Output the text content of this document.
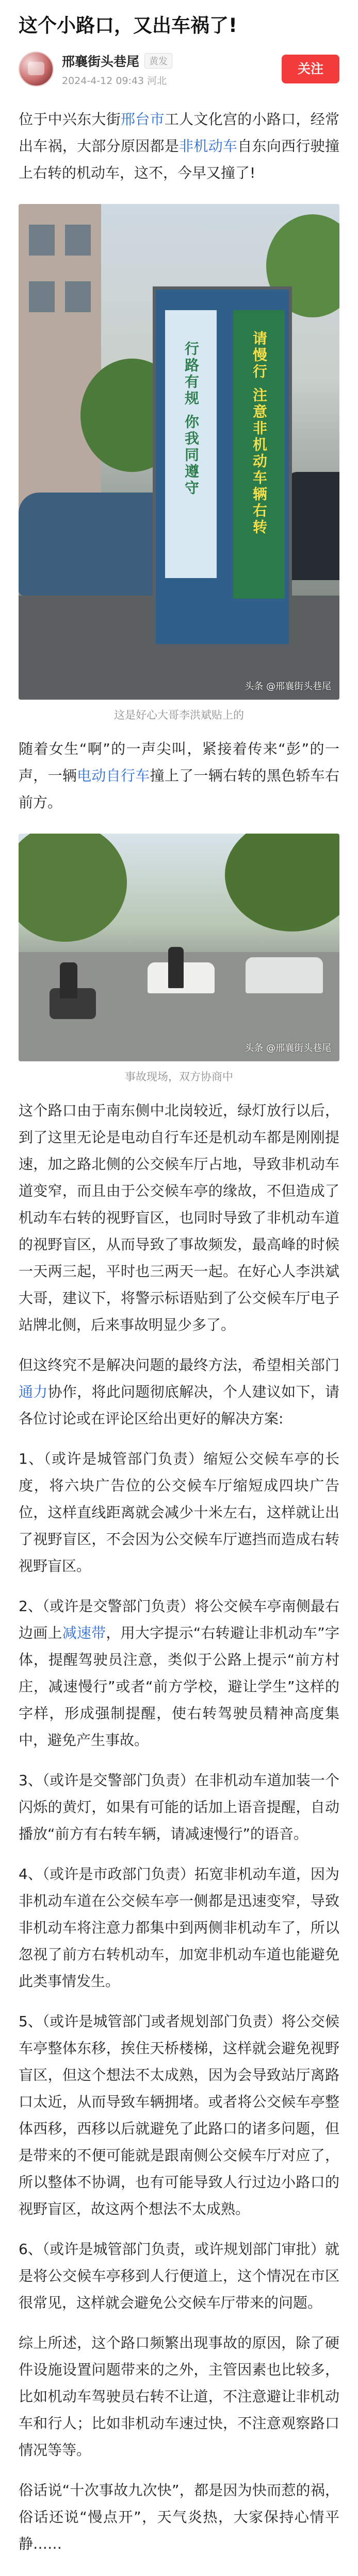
这个小路口，又出车祸了!
邢襄街头巷尾	黄发
2024-4-12 09:43 河北
关注

位于中兴东大街邢台市工人文化宫的小路口，经常出车祸，大部分原因都是非机动车自东向西行驶撞上右转的机动车，这不，今早又撞了!

行路有规 你我同遵守	请慢行 注意非机动车辆右转
头条 @邢襄街头巷尾
这是好心大哥李洪斌贴上的

随着女生“啊”的一声尖叫，紧接着传来“彭”的一声，一辆电动自行车撞上了一辆右转的黑色轿车右前方。

头条 @邢襄街头巷尾
事故现场，双方协商中

这个路口由于南东侧中北岗较近，绿灯放行以后，到了这里无论是电动自行车还是机动车都是刚刚提速，加之路北侧的公交候车厅占地，导致非机动车道变窄，而且由于公交候车亭的缘故，不但造成了机动车右转的视野盲区，也同时导致了非机动车道的视野盲区，从而导致了事故频发，最高峰的时候一天两三起，平时也三两天一起。在好心人李洪斌大哥，建议下，将警示标语贴到了公交候车厅电子站牌北侧，后来事故明显少多了。

但这终究不是解决问题的最终方法，希望相关部门通力协作，将此问题彻底解决，个人建议如下，请各位讨论或在评论区给出更好的解决方案:

1、（或许是城管部门负责）缩短公交候车亭的长度，将六块广告位的公交候车厅缩短成四块广告位，这样直线距离就会减少十米左右，这样就让出了视野盲区，不会因为公交候车厅遮挡而造成右转视野盲区。

2、（或许是交警部门负责）将公交候车亭南侧最右边画上减速带，用大字提示“右转避让非机动车”字体，提醒驾驶员注意，类似于公路上提示“前方村庄，减速慢行”或者“前方学校，避让学生”这样的字样，形成强制提醒，使右转驾驶员精神高度集中，避免产生事故。

3、（或许是交警部门负责）在非机动车道加装一个闪烁的黄灯，如果有可能的话加上语音提醒，自动播放“前方有右转车辆，请减速慢行”的语音。

4、（或许是市政部门负责）拓宽非机动车道，因为非机动车道在公交候车亭一侧都是迅速变窄，导致非机动车将注意力都集中到两侧非机动车了，所以忽视了前方右转机动车，加宽非机动车道也能避免此类事情发生。

5、（或许是城管部门或者规划部门负责）将公交候车亭整体东移，挨住天桥楼梯，这样就会避免视野盲区，但这个想法不太成熟，因为会导致站厅离路口太近，从而导致车辆拥堵。或者将公交候车亭整体西移，西移以后就避免了此路口的诸多问题，但是带来的不便可能就是跟南侧公交候车厅对应了，所以整体不协调，也有可能导致人行过边小路口的视野盲区，故这两个想法不太成熟。

6、（或许是城管部门负责，或许规划部门审批）就是将公交候车亭移到人行便道上，这个情况在市区很常见，这样就会避免公交候车厅带来的问题。

综上所述，这个路口频繁出现事故的原因，除了硬件设施设置问题带来的之外，主管因素也比较多，比如机动车驾驶员右转不让道，不注意避让非机动车和行人；比如非机动车速过快，不注意观察路口情况等等。

俗话说“十次事故九次快”，都是因为快而惹的祸，俗话还说“慢点开”，天气炎热，大家保持心情平静……
